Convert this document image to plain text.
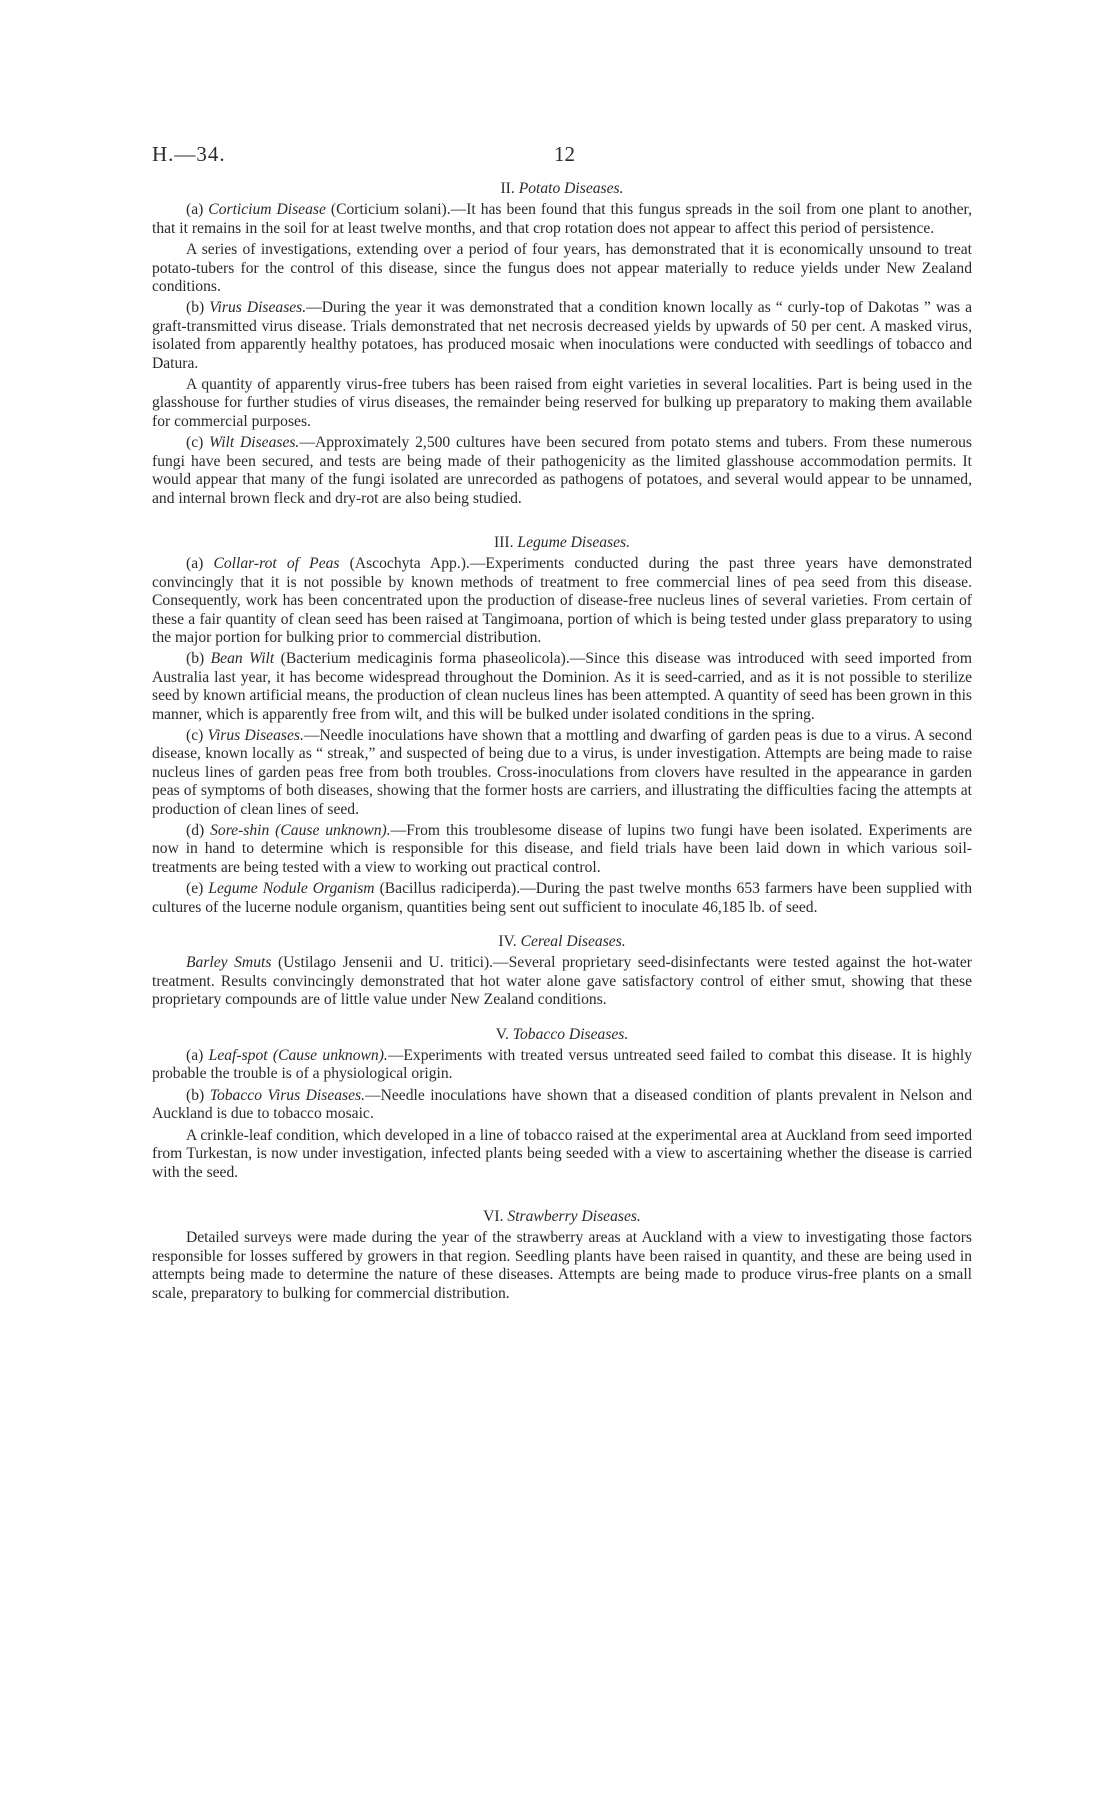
H.—34.	12
II. Potato Diseases.

(a) Corticium Disease (Corticium solani).—It has been found that this fungus spreads in the soil from one plant to another, that it remains in the soil for at least twelve months, and that crop rotation does not appear to affect this period of persistence.

A series of investigations, extending over a period of four years, has demonstrated that it is economically unsound to treat potato-tubers for the control of this disease, since the fungus does not appear materially to reduce yields under New Zealand conditions.

(b) Virus Diseases.—During the year it was demonstrated that a condition known locally as “ curly-top of Dakotas ” was a graft-transmitted virus disease. Trials demonstrated that net necrosis decreased yields by upwards of 50 per cent. A masked virus, isolated from apparently healthy potatoes, has produced mosaic when inoculations were conducted with seedlings of tobacco and Datura.

A quantity of apparently virus-free tubers has been raised from eight varieties in several localities. Part is being used in the glasshouse for further studies of virus diseases, the remainder being reserved for bulking up preparatory to making them available for commercial purposes.

(c) Wilt Diseases.—Approximately 2,500 cultures have been secured from potato stems and tubers. From these numerous fungi have been secured, and tests are being made of their pathogenicity as the limited glasshouse accommodation permits. It would appear that many of the fungi isolated are unrecorded as pathogens of potatoes, and several would appear to be unnamed, and internal brown fleck and dry-rot are also being studied.

III. Legume Diseases.

(a) Collar-rot of Peas (Ascochyta App.).—Experiments conducted during the past three years have demonstrated convincingly that it is not possible by known methods of treatment to free commercial lines of pea seed from this disease. Consequently, work has been concentrated upon the production of disease-free nucleus lines of several varieties. From certain of these a fair quantity of clean seed has been raised at Tangimoana, portion of which is being tested under glass preparatory to using the major portion for bulking prior to commercial distribution.

(b) Bean Wilt (Bacterium medicaginis forma phaseolicola).—Since this disease was introduced with seed imported from Australia last year, it has become widespread throughout the Dominion. As it is seed-carried, and as it is not possible to sterilize seed by known artificial means, the production of clean nucleus lines has been attempted. A quantity of seed has been grown in this manner, which is apparently free from wilt, and this will be bulked under isolated conditions in the spring.

(c) Virus Diseases.—Needle inoculations have shown that a mottling and dwarfing of garden peas is due to a virus. A second disease, known locally as “ streak,” and suspected of being due to a virus, is under investigation. Attempts are being made to raise nucleus lines of garden peas free from both troubles. Cross-inoculations from clovers have resulted in the appearance in garden peas of symptoms of both diseases, showing that the former hosts are carriers, and illustrating the difficulties facing the attempts at production of clean lines of seed.

(d) Sore-shin (Cause unknown).—From this troublesome disease of lupins two fungi have been isolated. Experiments are now in hand to determine which is responsible for this disease, and field trials have been laid down in which various soil-treatments are being tested with a view to working out practical control.

(e) Legume Nodule Organism (Bacillus radiciperda).—During the past twelve months 653 farmers have been supplied with cultures of the lucerne nodule organism, quantities being sent out sufficient to inoculate 46,185 lb. of seed.

IV. Cereal Diseases.

Barley Smuts (Ustilago Jensenii and U. tritici).—Several proprietary seed-disinfectants were tested against the hot-water treatment. Results convincingly demonstrated that hot water alone gave satisfactory control of either smut, showing that these proprietary compounds are of little value under New Zealand conditions.

V. Tobacco Diseases.

(a) Leaf-spot (Cause unknown).—Experiments with treated versus untreated seed failed to combat this disease. It is highly probable the trouble is of a physiological origin.

(b) Tobacco Virus Diseases.—Needle inoculations have shown that a diseased condition of plants prevalent in Nelson and Auckland is due to tobacco mosaic.

A crinkle-leaf condition, which developed in a line of tobacco raised at the experimental area at Auckland from seed imported from Turkestan, is now under investigation, infected plants being seeded with a view to ascertaining whether the disease is carried with the seed.

VI. Strawberry Diseases.

Detailed surveys were made during the year of the strawberry areas at Auckland with a view to investigating those factors responsible for losses suffered by growers in that region. Seedling plants have been raised in quantity, and these are being used in attempts being made to determine the nature of these diseases. Attempts are being made to produce virus-free plants on a small scale, preparatory to bulking for commercial distribution.
